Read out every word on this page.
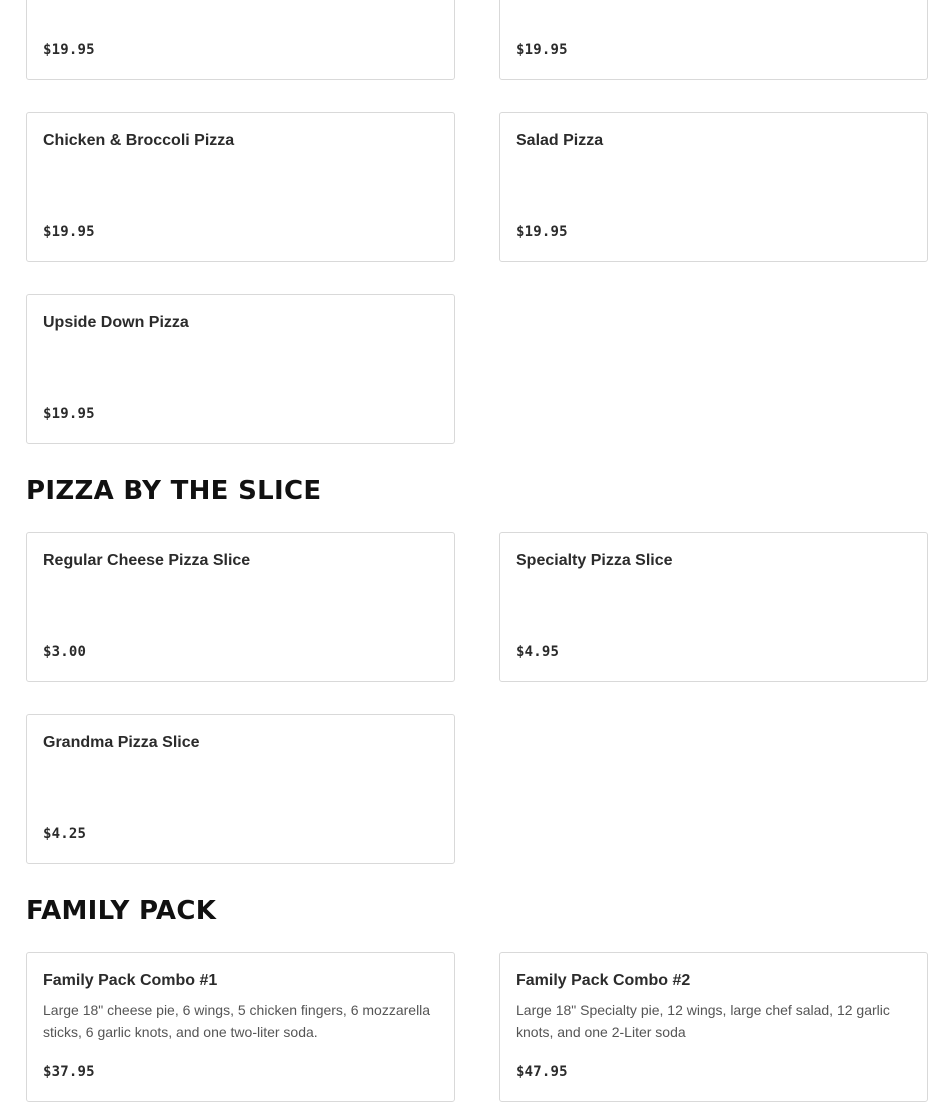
$19.95	$19.95
Chicken & Broccoli Pizza
$19.95
Salad Pizza
$19.95
Upside Down Pizza
$19.95
PIZZA BY THE SLICE
Regular Cheese Pizza Slice
$3.00
Specialty Pizza Slice
$4.95
Grandma Pizza Slice
$4.25
FAMILY PACK
Family Pack Combo #1
Large 18" cheese pie, 6 wings, 5 chicken fingers, 6 mozzarella sticks, 6 garlic knots, and one two-liter soda.
$37.95
Family Pack Combo #2
Large 18" Specialty pie, 12 wings, large chef salad, 12 garlic knots, and one 2-Liter soda
$47.95
